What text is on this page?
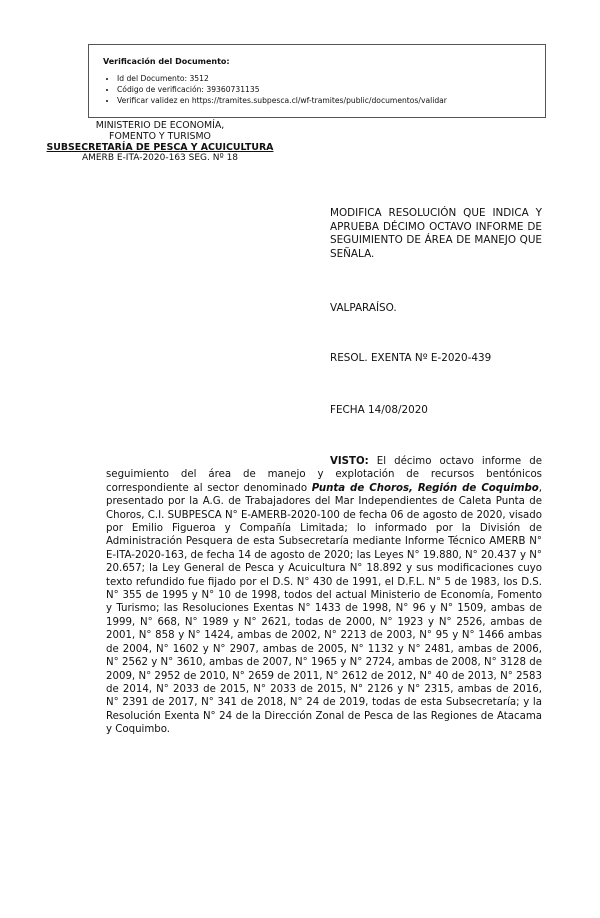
Verificación del Documento:
• Id del Documento: 3512
• Código de verificación: 39360731135
• Verificar validez en https://tramites.subpesca.cl/wf-tramites/public/documentos/validar
MINISTERIO DE ECONOMÍA,
FOMENTO Y TURISMO
SUBSECRETARÍA DE PESCA Y ACUICULTURA
AMERB E-ITA-2020-163 SEG. Nº 18
MODIFICA RESOLUCIÓN QUE INDICA Y APRUEBA DÉCIMO OCTAVO INFORME DE SEGUIMIENTO DE ÁREA DE MANEJO QUE SEÑALA.
VALPARAÍSO.
RESOL. EXENTA Nº E-2020-439
FECHA 14/08/2020
VISTO: El décimo octavo informe de seguimiento del área de manejo y explotación de recursos bentónicos correspondiente al sector denominado Punta de Choros, Región de Coquimbo, presentado por la A.G. de Trabajadores del Mar Independientes de Caleta Punta de Choros, C.I. SUBPESCA N° E-AMERB-2020-100 de fecha 06 de agosto de 2020, visado por Emilio Figueroa y Compañía Limitada; lo informado por la División de Administración Pesquera de esta Subsecretaría mediante Informe Técnico AMERB N° E-ITA-2020-163, de fecha 14 de agosto de 2020; las Leyes N° 19.880, N° 20.437 y N° 20.657; la Ley General de Pesca y Acuicultura N° 18.892 y sus modificaciones cuyo texto refundido fue fijado por el D.S. N° 430 de 1991, el D.F.L. N° 5 de 1983, los D.S. N° 355 de 1995 y N° 10 de 1998, todos del actual Ministerio de Economía, Fomento y Turismo; las Resoluciones Exentas N° 1433 de 1998, N° 96 y N° 1509, ambas de 1999, N° 668, N° 1989 y N° 2621, todas de 2000, N° 1923 y N° 2526, ambas de 2001, N° 858 y N° 1424, ambas de 2002, N° 2213 de 2003, N° 95 y N° 1466 ambas de 2004, N° 1602 y N° 2907, ambas de 2005, N° 1132 y N° 2481, ambas de 2006, N° 2562 y N° 3610, ambas de 2007, N° 1965 y N° 2724, ambas de 2008, N° 3128 de 2009, N° 2952 de 2010, N° 2659 de 2011, N° 2612 de 2012, N° 40 de 2013, N° 2583 de 2014, N° 2033 de 2015, N° 2033 de 2015, N° 2126 y N° 2315, ambas de 2016, N° 2391 de 2017, N° 341 de 2018, N° 24 de 2019, todas de esta Subsecretaría; y la Resolución Exenta N° 24 de la Dirección Zonal de Pesca de las Regiones de Atacama y Coquimbo.
